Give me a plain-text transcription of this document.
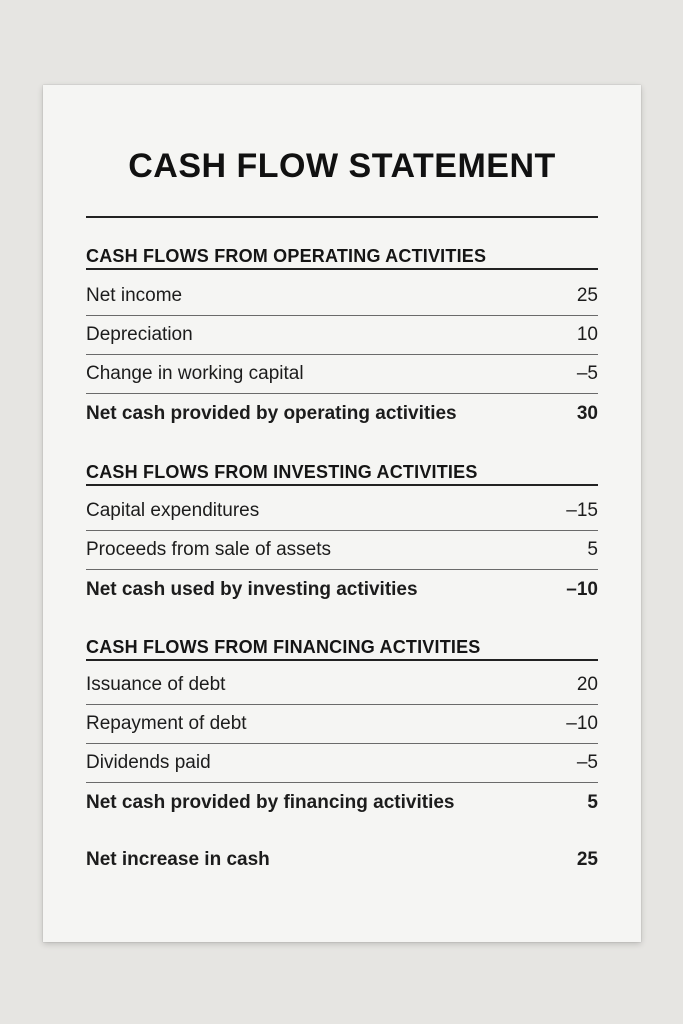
CASH FLOW STATEMENT
CASH FLOWS FROM OPERATING ACTIVITIES
Net income	25
Depreciation	10
Change in working capital	–5
Net cash provided by operating activities	30
CASH FLOWS FROM INVESTING ACTIVITIES
Capital expenditures	–15
Proceeds from sale of assets	5
Net cash used by investing activities	–10
CASH FLOWS FROM FINANCING ACTIVITIES
Issuance of debt	20
Repayment of debt	–10
Dividends paid	–5
Net cash provided by financing activities	5
Net increase in cash	25
